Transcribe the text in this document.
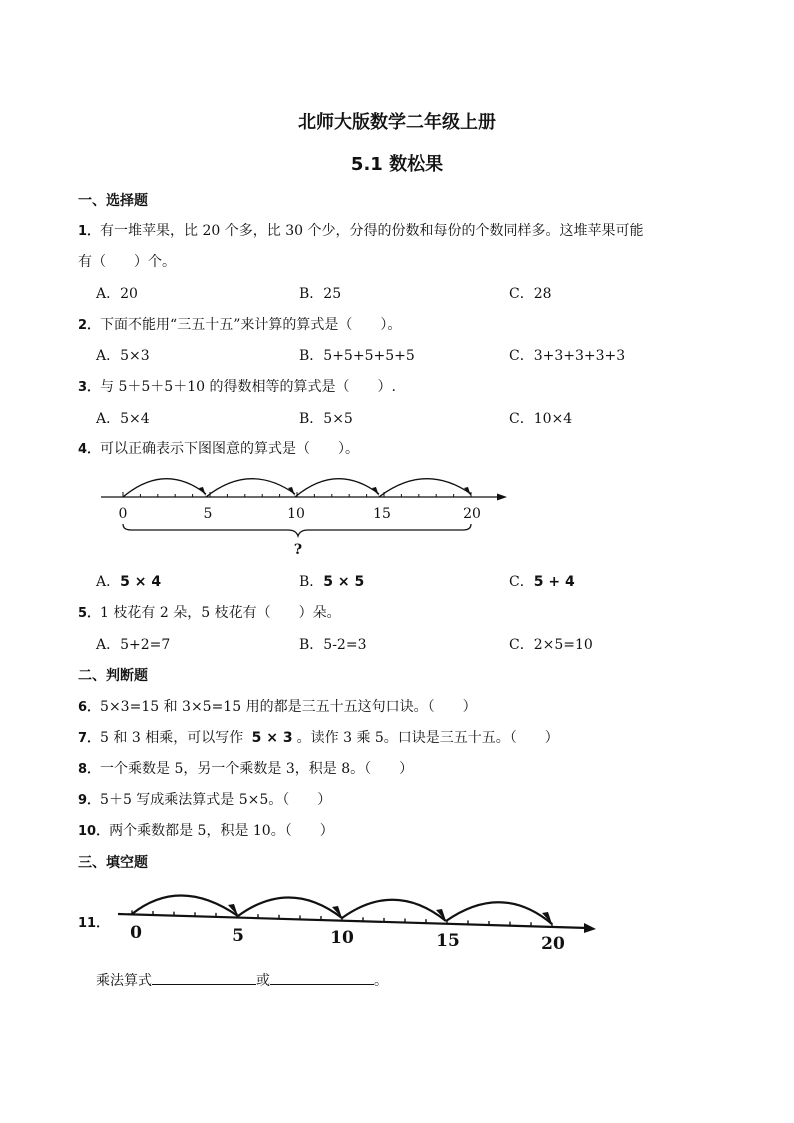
北师大版数学二年级上册
5.1 数松果
一、选择题
1．有一堆苹果，比 20 个多，比 30 个少，分得的份数和每份的个数同样多。这堆苹果可能
有（　　）个。
A．20	B．25	C．28
2．下面不能用“三五十五”来计算的算式是（　　）。
A．5×3	B．5+5+5+5+5	C．3+3+3+3+3
3．与 5＋5＋5＋10 的得数相等的算式是（　　）.
A．5×4	B．5×5	C．10×4
4．可以正确表示下图图意的算式是（　　）。
0	5	10	15	20
?
A．5 × 4	B．5 × 5	C．5 + 4
5．1 枝花有 2 朵，5 枝花有（　　）朵。
A．5+2=7	B．5-2=3	C．2×5=10
二、判断题
6．5×3=15 和 3×5=15 用的都是三五十五这句口诀。（　　）
7．5 和 3 相乘，可以写作 5 × 3 。读作 3 乘 5。口诀是三五十五。（　　）
8．一个乘数是 5，另一个乘数是 3，积是 8。（　　）
9．5＋5 写成乘法算式是 5×5。（　　）
10．两个乘数都是 5，积是 10。（　　）
三、填空题
11． 0	5	10	15	20
乘法算式	或	。
